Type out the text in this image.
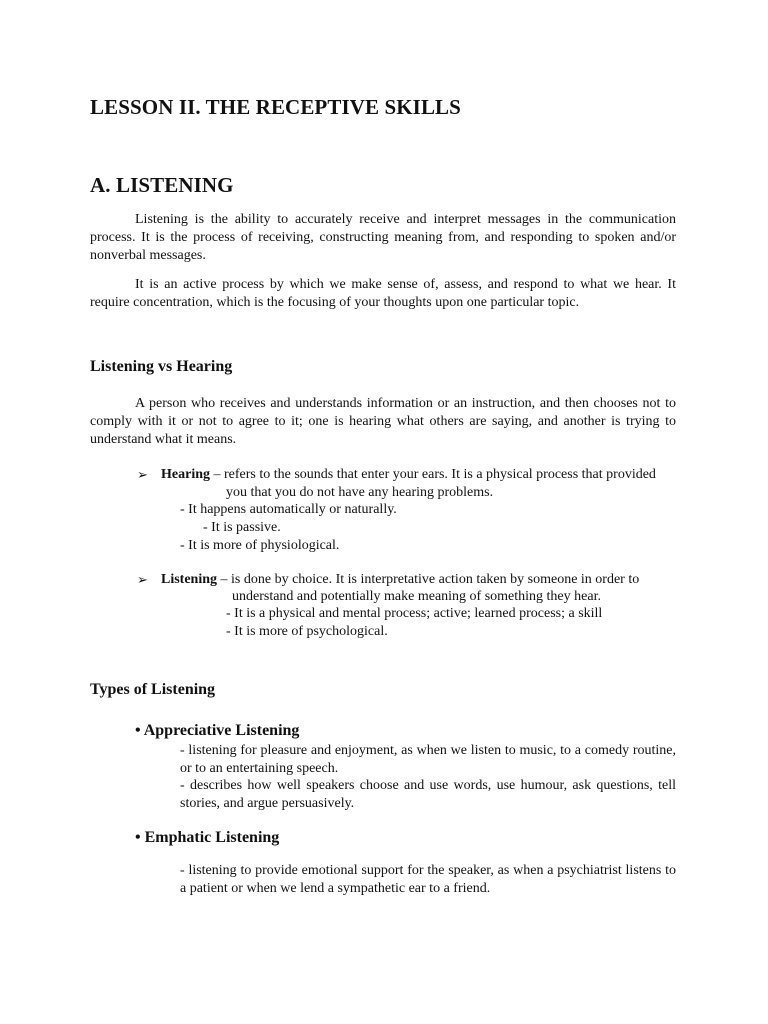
LESSON II. THE RECEPTIVE SKILLS
A. LISTENING

Listening is the ability to accurately receive and interpret messages in the communication process. It is the process of receiving, constructing meaning from, and responding to spoken and/or nonverbal messages.

It is an active process by which we make sense of, assess, and respond to what we hear. It require concentration, which is the focusing of your thoughts upon one particular topic.

Listening vs Hearing

A person who receives and understands information or an instruction, and then chooses not to comply with it or not to agree to it; one is hearing what others are saying, and another is trying to understand what it means.

➢ Hearing – refers to the sounds that enter your ears. It is a physical process that provided
you that you do not have any hearing problems.
- It happens automatically or naturally.
- It is passive.
- It is more of physiological.
➢ Listening – is done by choice. It is interpretative action taken by someone in order to
understand and potentially make meaning of something they hear.
- It is a physical and mental process; active; learned process; a skill
- It is more of psychological.
Types of Listening
• Appreciative Listening

- listening for pleasure and enjoyment, as when we listen to music, to a comedy routine, or to an entertaining speech.

- describes how well speakers choose and use words, use humour, ask questions, tell stories, and argue persuasively.

• Emphatic Listening

- listening to provide emotional support for the speaker, as when a psychiatrist listens to a patient or when we lend a sympathetic ear to a friend.
